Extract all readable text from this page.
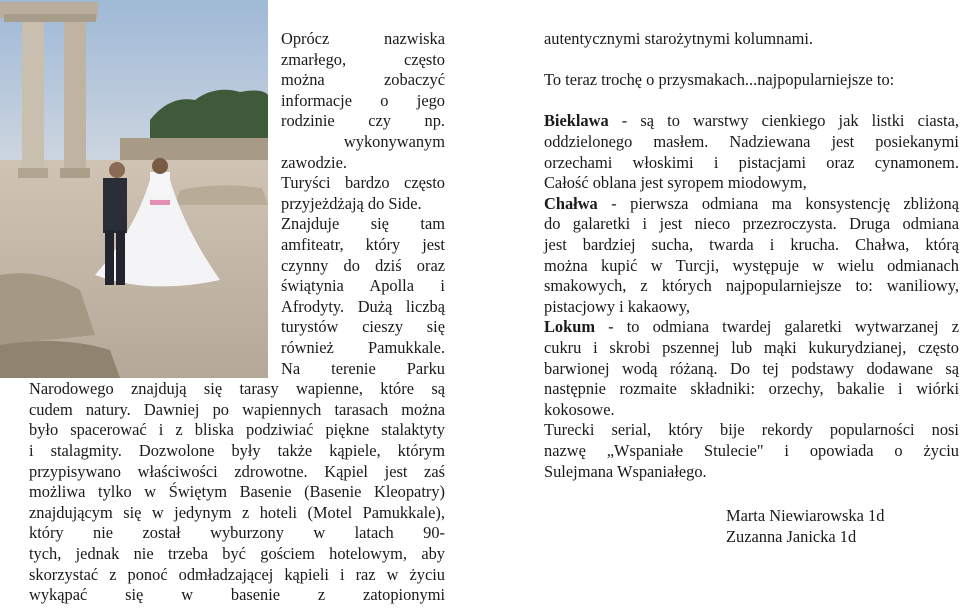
Oprócz nazwiska
zmarłego, często
można zobaczyć
informacje o jego
rodzinie czy np.
wykonywanym
zawodzie.
Turyści bardzo często
przyjeżdżają do Side.
Znajduje się tam
amfiteatr, który jest
czynny do dziś oraz
świątynia Apolla i
Afrodyty. Dużą liczbą
turystów cieszy się
również Pamukkale.
Na terenie Parku
Narodowego znajdują się tarasy wapienne, które są
cudem natury. Dawniej po wapiennych tarasach można
było spacerować i z bliska podziwiać piękne stalaktyty
i stalagmity. Dozwolone były także kąpiele, którym
przypisywano właściwości zdrowotne. Kąpiel jest zaś
możliwa tylko w Świętym Basenie (Basenie Kleopatry)
znajdującym się w jedynym z hoteli (Motel Pamukkale),
który nie został wyburzony w latach 90-
tych, jednak nie trzeba być gościem hotelowym, aby
skorzystać z ponoć odmładzającej kąpieli i raz w życiu
wykąpać się w basenie z zatopionymi
autentycznymi starożytnymi kolumnami.
To teraz trochę o przysmakach...najpopularniejsze to:
Bieklawa - są to warstwy cienkiego jak listki ciasta,
oddzielonego masłem. Nadziewana jest posiekanymi
orzechami włoskimi i pistacjami oraz cynamonem.
Całość oblana jest syropem miodowym,
Chałwa - pierwsza odmiana ma konsystencję zbliżoną
do galaretki i jest nieco przezroczysta. Druga odmiana
jest bardziej sucha, twarda i krucha. Chałwa, którą
można kupić w Turcji, występuje w wielu odmianach
smakowych, z których najpopularniejsze to: waniliowy,
pistacjowy i kakaowy,
Lokum - to odmiana twardej galaretki wytwarzanej z
cukru i skrobi pszennej lub mąki kukurydzianej, często
barwionej wodą różaną. Do tej podstawy dodawane są
następnie rozmaite składniki: orzechy, bakalie i wiórki
kokosowe.
Turecki serial, który bije rekordy popularności nosi
nazwę „Wspaniałe Stulecie" i opowiada o życiu
Sulejmana Wspaniałego.
Marta Niewiarowska 1d
Zuzanna Janicka 1d
